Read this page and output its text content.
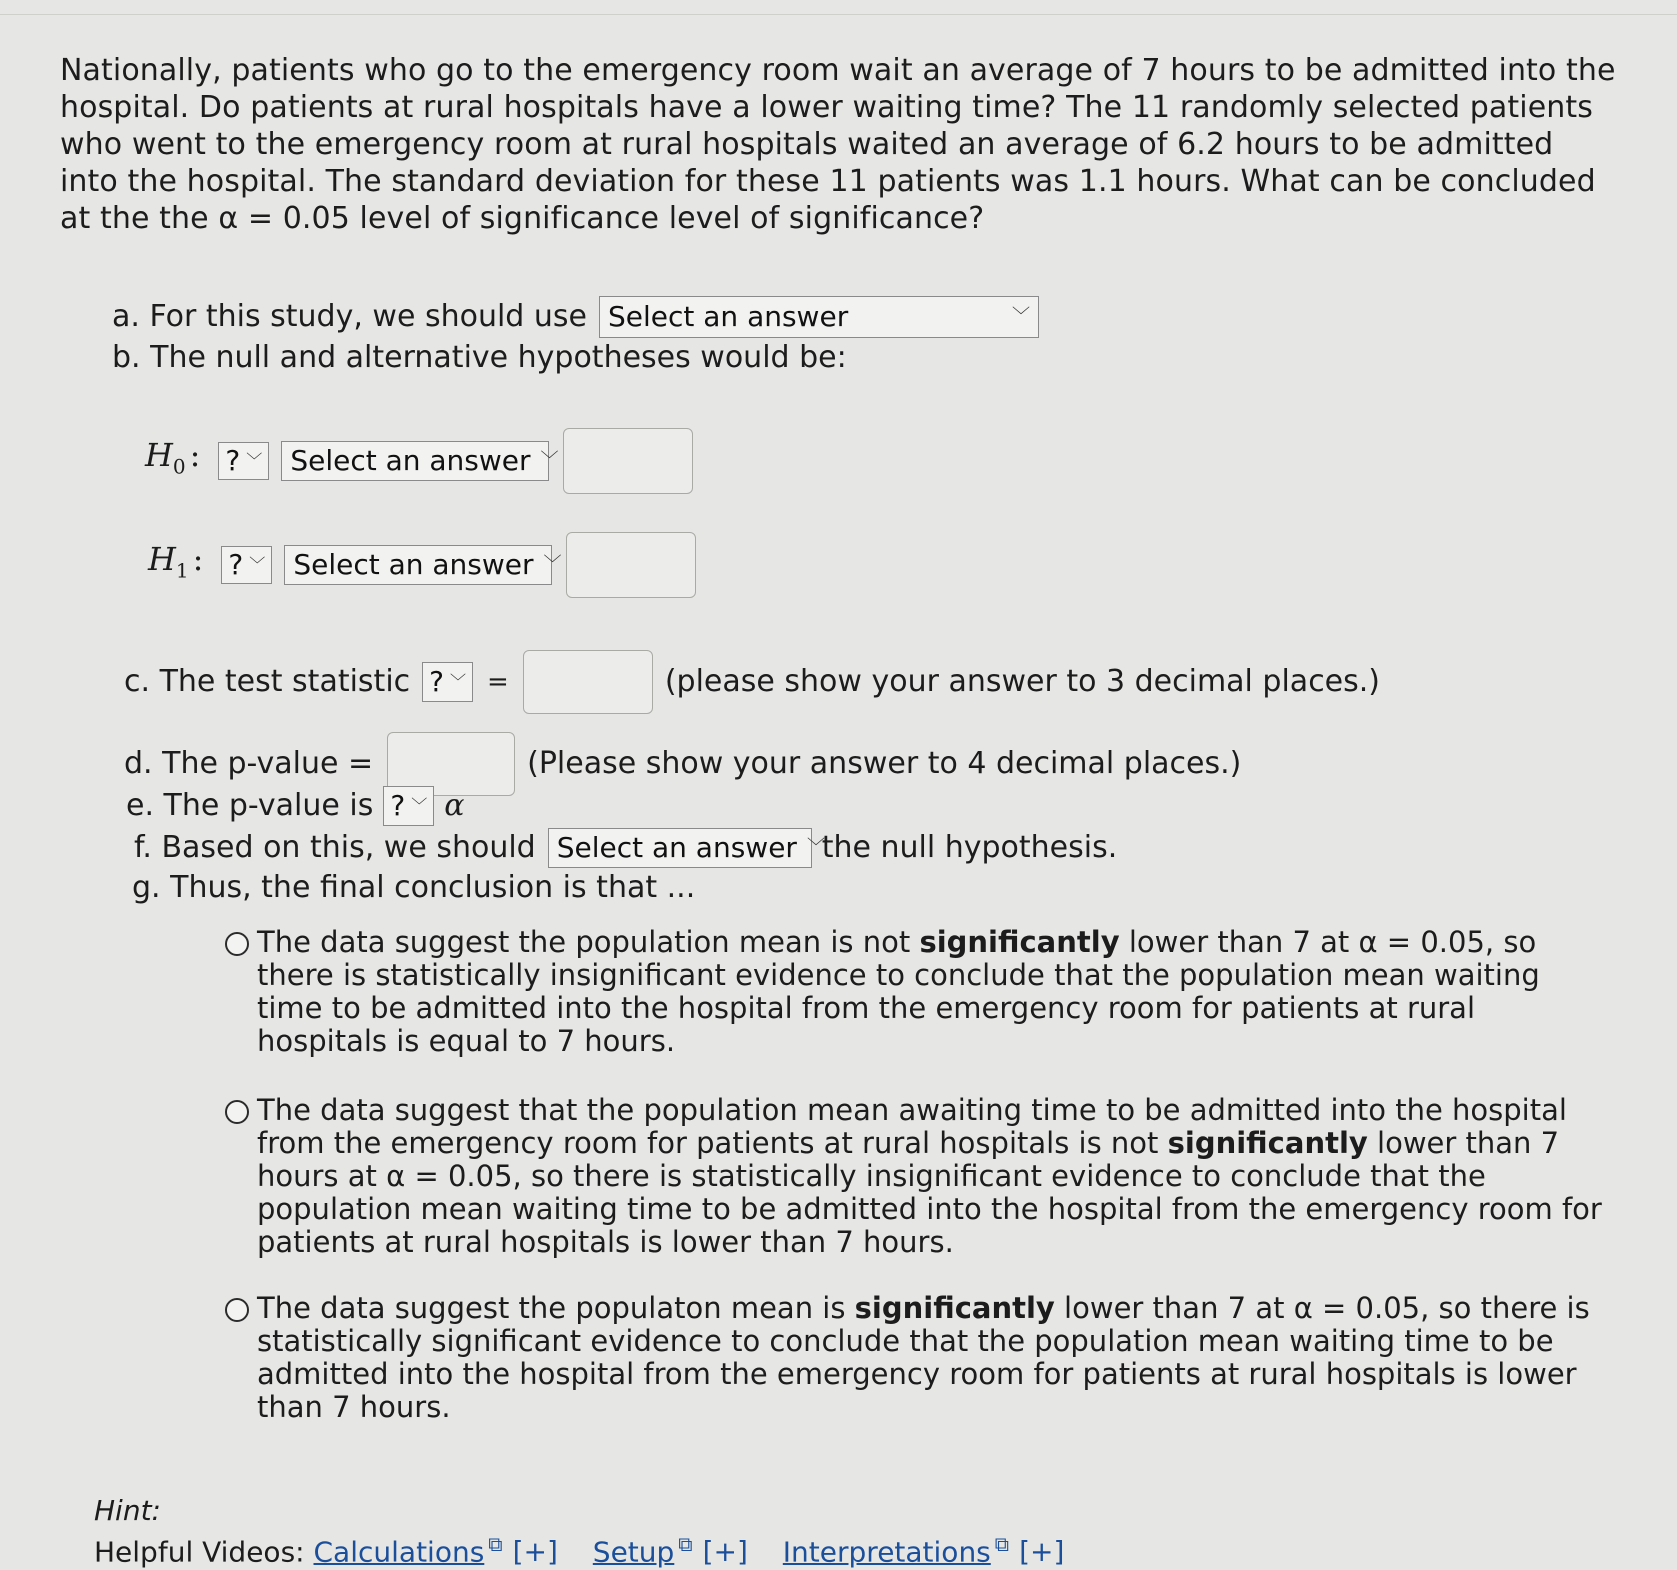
Nationally, patients who go to the emergency room wait an average of 7 hours to be admitted into the hospital. Do patients at rural hospitals have a lower waiting time? The 11 randomly selected patients who went to the emergency room at rural hospitals waited an average of 6.2 hours to be admitted into the hospital. The standard deviation for these 11 patients was 1.1 hours. What can be concluded at the the α = 0.05 level of significance level of significance?
a. For this study, we should use Select an answer	﹀
b. The null and alternative hypotheses would be:
$H_0$ : ? ﹀ Select an answer ﹀
$H_1$ : ? ﹀ Select an answer ﹀
c. The test statistic ? ﹀ =	(please show your answer to 3 decimal places.)
d. The p-value =	(Please show your answer to 4 decimal places.)
e. The p-value is ? ﹀ α
f. Based on this, we should Select an answer ﹀
the null hypothesis.
g. Thus, the final conclusion is that ...
The data suggest the population mean is not significantly lower than 7 at α = 0.05, so there is statistically insignificant evidence to conclude that the population mean waiting time to be admitted into the hospital from the emergency room for patients at rural hospitals is equal to 7 hours.
The data suggest that the population mean awaiting time to be admitted into the hospital from the emergency room for patients at rural hospitals is not significantly lower than 7 hours at α = 0.05, so there is statistically insignificant evidence to conclude that the population mean waiting time to be admitted into the hospital from the emergency room for patients at rural hospitals is lower than 7 hours.
The data suggest the populaton mean is significantly lower than 7 at α = 0.05, so there is statistically significant evidence to conclude that the population mean waiting time to be admitted into the hospital from the emergency room for patients at rural hospitals is lower than 7 hours.
Hint:
Helpful Videos: Calculations ⧉ [+] Setup ⧉ [+] Interpretations ⧉ [+]
